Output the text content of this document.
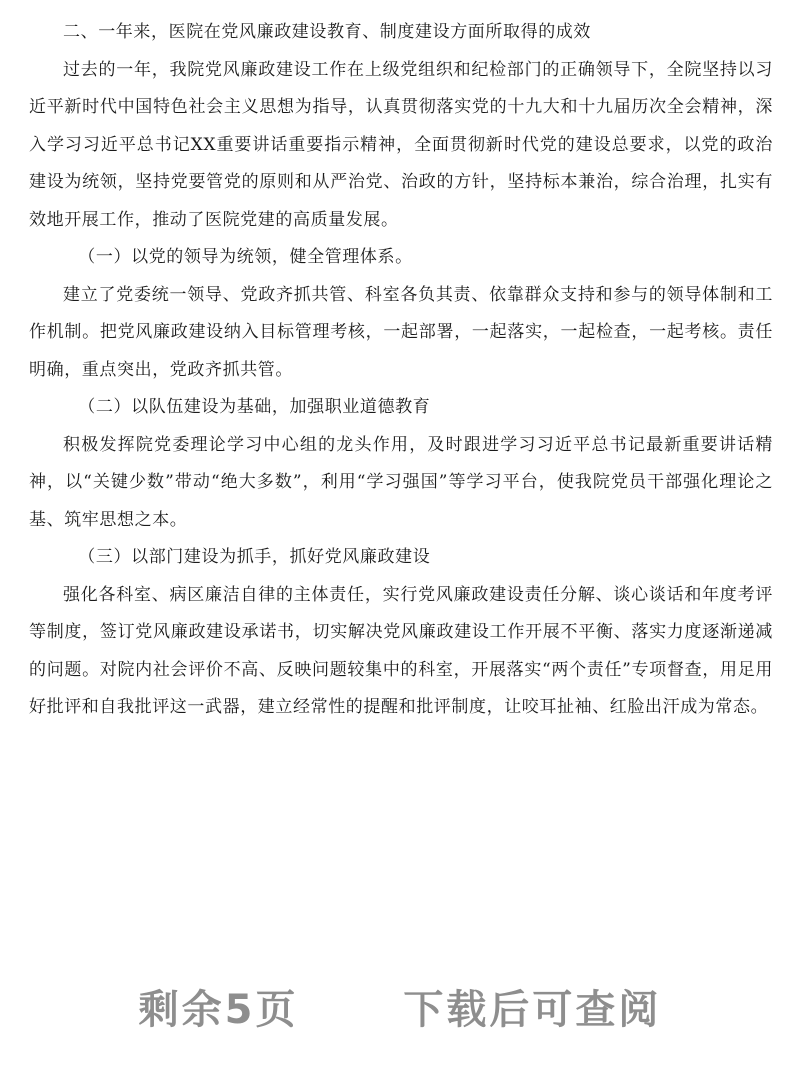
二、一年来，医院在党风廉政建设教育、制度建设方面所取得的成效

过去的一年，我院党风廉政建设工作在上级党组织和纪检部门的正确领导下，全院坚持以习近平新时代中国特色社会主义思想为指导，认真贯彻落实党的十九大和十九届历次全会精神，深入学习习近平总书记XX重要讲话重要指示精神，全面贯彻新时代党的建设总要求，以党的政治建设为统领，坚持党要管党的原则和从严治党、治政的方针，坚持标本兼治，综合治理，扎实有效地开展工作，推动了医院党建的高质量发展。

（一）以党的领导为统领，健全管理体系。

建立了党委统一领导、党政齐抓共管、科室各负其责、依靠群众支持和参与的领导体制和工作机制。把党风廉政建设纳入目标管理考核，一起部署，一起落实，一起检查，一起考核。责任明确，重点突出，党政齐抓共管。

（二）以队伍建设为基础，加强职业道德教育

积极发挥院党委理论学习中心组的龙头作用，及时跟进学习习近平总书记最新重要讲话精神，以“关键少数”带动“绝大多数”，利用“学习强国”等学习平台，使我院党员干部强化理论之基、筑牢思想之本。

（三）以部门建设为抓手，抓好党风廉政建设

强化各科室、病区廉洁自律的主体责任，实行党风廉政建设责任分解、谈心谈话和年度考评等制度，签订党风廉政建设承诺书，切实解决党风廉政建设工作开展不平衡、落实力度逐渐递减的问题。对院内社会评价不高、反映问题较集中的科室，开展落实“两个责任”专项督查，用足用好批评和自我批评这一武器，建立经常性的提醒和批评制度，让咬耳扯袖、红脸出汗成为常态。

剩余5页	下载后可查阅
